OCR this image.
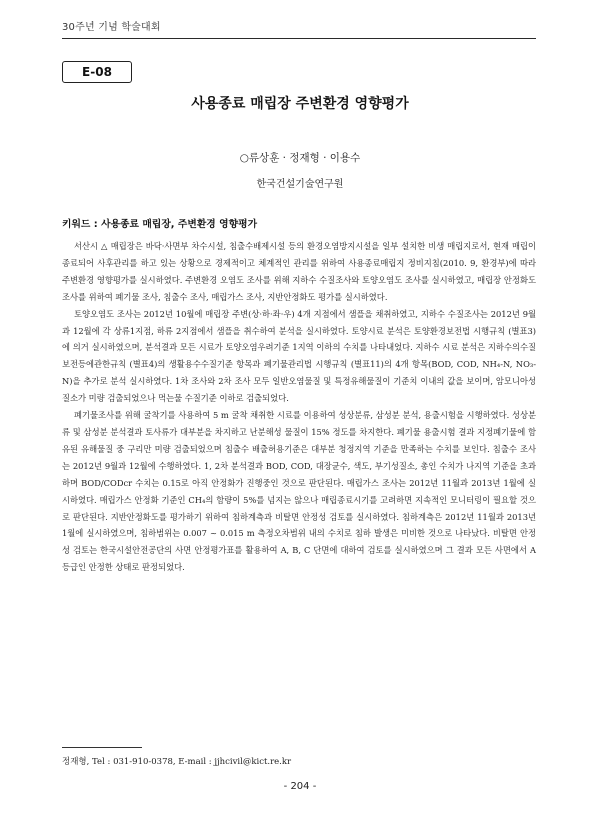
30주년 기념 학술대회
E-08
사용종료 매립장 주변환경 영향평가
○류상훈 · 정재형 · 이용수
한국건설기술연구원
키워드 : 사용종료 매립장, 주변환경 영향평가

서산시 △ 매립장은 바닥·사면부 차수시설, 침출수배제시설 등의 환경오염방지시설을 일부 설치한 비생 매립지로서, 현재 매립이 종료되어 사후관리를 하고 있는 상황으로 경제적이고 체계적인 관리를 위하여 사용종료매립지 정비지침(2010. 9, 환경부)에 따라 주변환경 영향평가를 실시하였다. 주변환경 오염도 조사를 위해 지하수 수질조사와 토양오염도 조사를 실시하였고, 매립장 안정화도 조사를 위하여 폐기물 조사, 침출수 조사, 매립가스 조사, 지반안정화도 평가를 실시하였다.

토양오염도 조사는 2012년 10월에 매립장 주변(상·하·좌·우) 4개 지점에서 샘플을 채취하였고, 지하수 수질조사는 2012년 9월과 12월에 각 상류1지점, 하류 2지점에서 샘플을 취수하여 분석을 실시하였다. 토양시료 분석은 토양환경보전법 시행규칙 (별표3)에 의거 실시하였으며, 분석결과 모든 시료가 토양오염우려기준 1지역 이하의 수치를 나타내었다. 지하수 시료 분석은 지하수의수질보전등에관한규칙 (별표4)의 생활용수수질기준 항목과 폐기물관리법 시행규칙 (별표11)의 4개 항목(BOD, COD, NH₄-N, NO₃-N)을 추가로 분석 실시하였다. 1차 조사와 2차 조사 모두 일반오염물질 및 특정유해물질이 기준치 이내의 값을 보이며, 암모니아성 질소가 미량 검출되었으나 먹는물 수질기준 이하로 검출되었다.

폐기물조사를 위해 굴착기를 사용하여 5 m 굴착 채취한 시료를 이용하여 성상분류, 삼성분 분석, 용출시험을 시행하였다. 성상분류 및 삼성분 분석결과 토사류가 대부분을 차지하고 난분해성 물질이 15% 정도를 차지한다. 폐기물 용출시험 결과 지정폐기물에 함유된 유해물질 중 구리만 미량 검출되었으며 침출수 배출허용기준은 대부분 청정지역 기준을 만족하는 수치를 보인다. 침출수 조사는 2012년 9월과 12월에 수행하였다. 1, 2차 분석결과 BOD, COD, 대장균수, 색도, 부기성질소, 총인 수치가 나지역 기준을 초과하며 BOD/CODcr 수치는 0.15로 아직 안정화가 진행중인 것으로 판단된다. 매립가스 조사는 2012년 11월과 2013년 1월에 실시하였다. 매립가스 안정화 기준인 CH₄의 함량이 5%를 넘지는 않으나 매립종료시기를 고려하면 지속적인 모니터링이 필요할 것으로 판단된다. 지반안정화도를 평가하기 위하여 침하계측과 비탈면 안정성 검토를 실시하였다. 침하계측은 2012년 11월과 2013년 1월에 실시하였으며, 침하범위는 0.007 ~ 0.015 m 측정오차범위 내의 수치로 침하 발생은 미비한 것으로 나타났다. 비탈면 안정성 검토는 한국시설안전공단의 사면 안정평가표를 활용하여 A, B, C 단면에 대하여 검토를 실시하였으며 그 결과 모든 사면에서 A등급인 안정한 상태로 판정되었다.

정재형, Tel : 031-910-0378, E-mail : jjhcivil@kict.re.kr
- 204 -
